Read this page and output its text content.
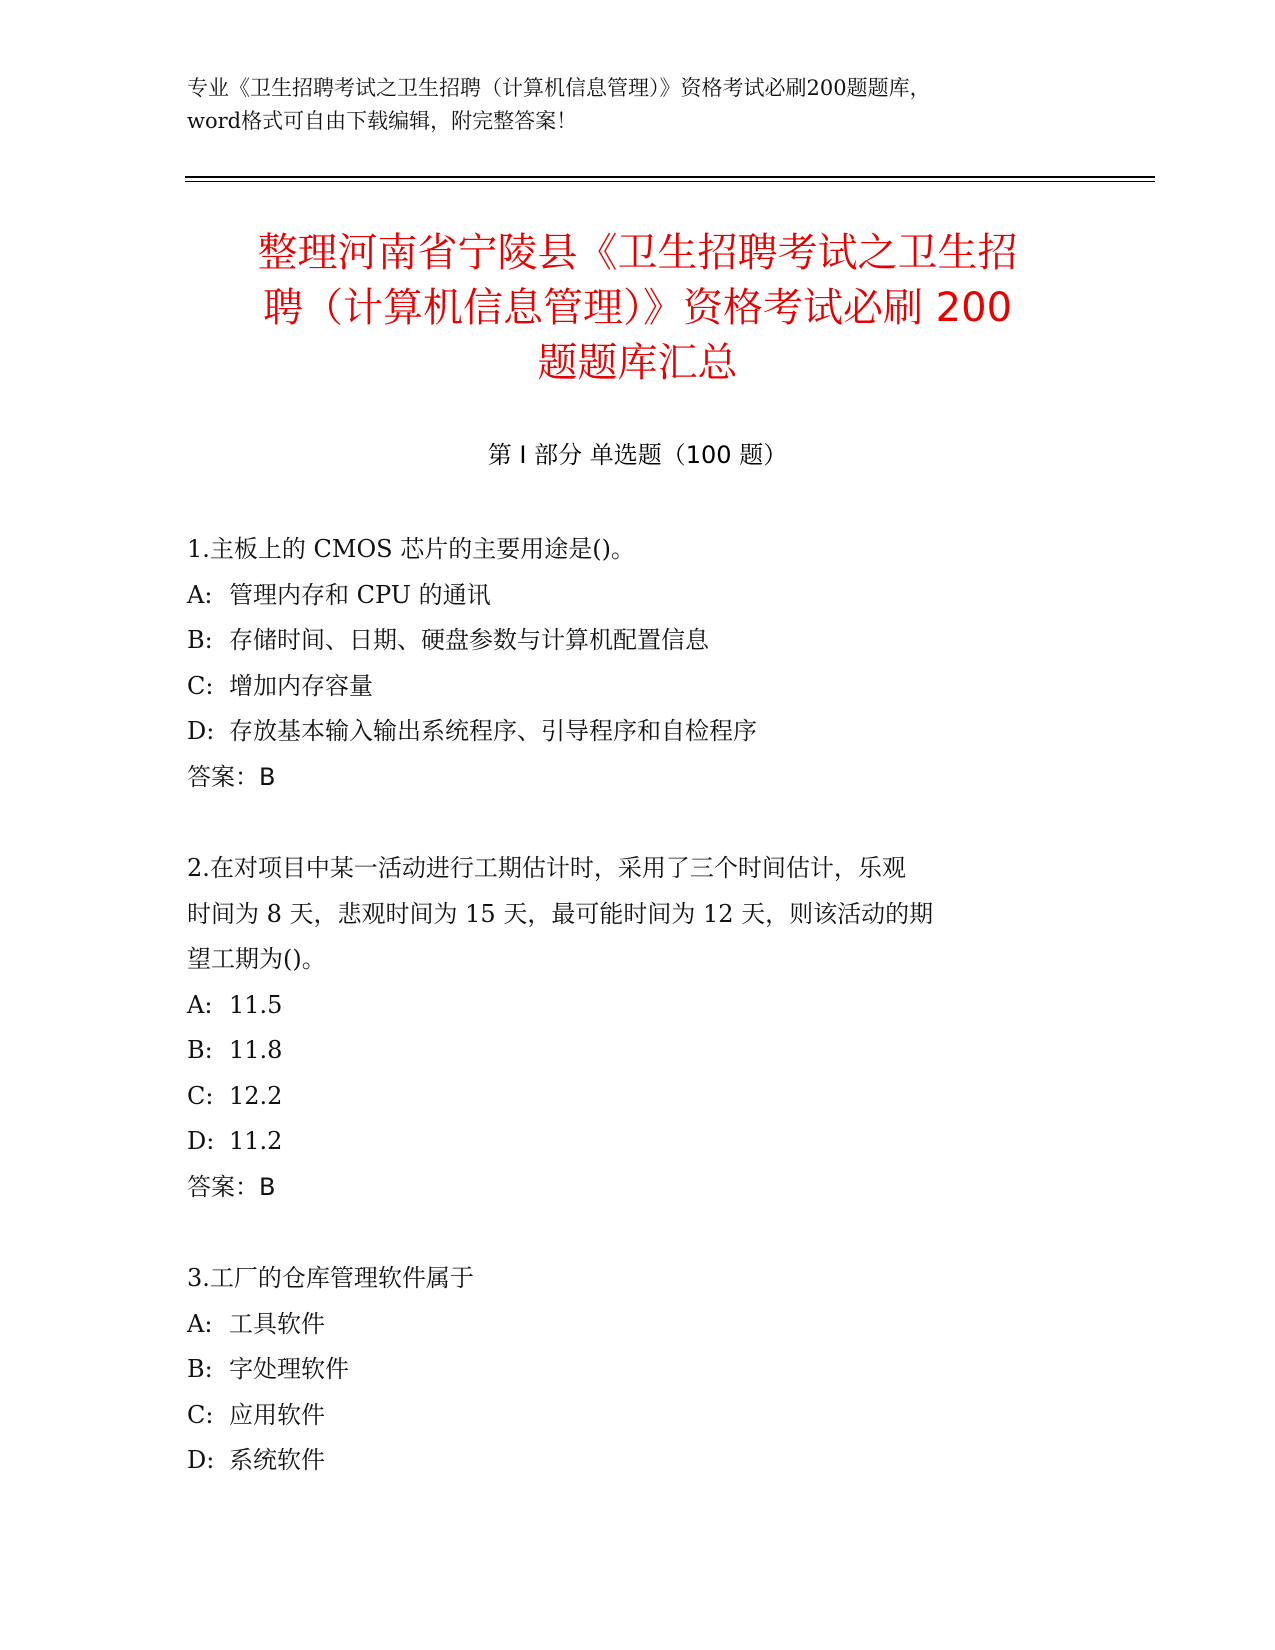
专业《卫生招聘考试之卫生招聘（计算机信息管理）》资格考试必刷200题题库，
word格式可自由下载编辑，附完整答案！
整理河南省宁陵县《卫生招聘考试之卫生招
聘（计算机信息管理）》资格考试必刷 200
题题库汇总
第 I 部分 单选题（100 题）
1.主板上的 CMOS 芯片的主要用途是()。
A: 管理内存和 CPU 的通讯
B: 存储时间、日期、硬盘参数与计算机配置信息
C: 增加内存容量
D: 存放基本输入输出系统程序、引导程序和自检程序
答案：B
2.在对项目中某一活动进行工期估计时，采用了三个时间估计，乐观
时间为 8 天，悲观时间为 15 天，最可能时间为 12 天，则该活动的期
望工期为()。
A: 11.5
B: 11.8
C: 12.2
D: 11.2
答案：B
3.工厂的仓库管理软件属于
A: 工具软件
B: 字处理软件
C: 应用软件
D: 系统软件
